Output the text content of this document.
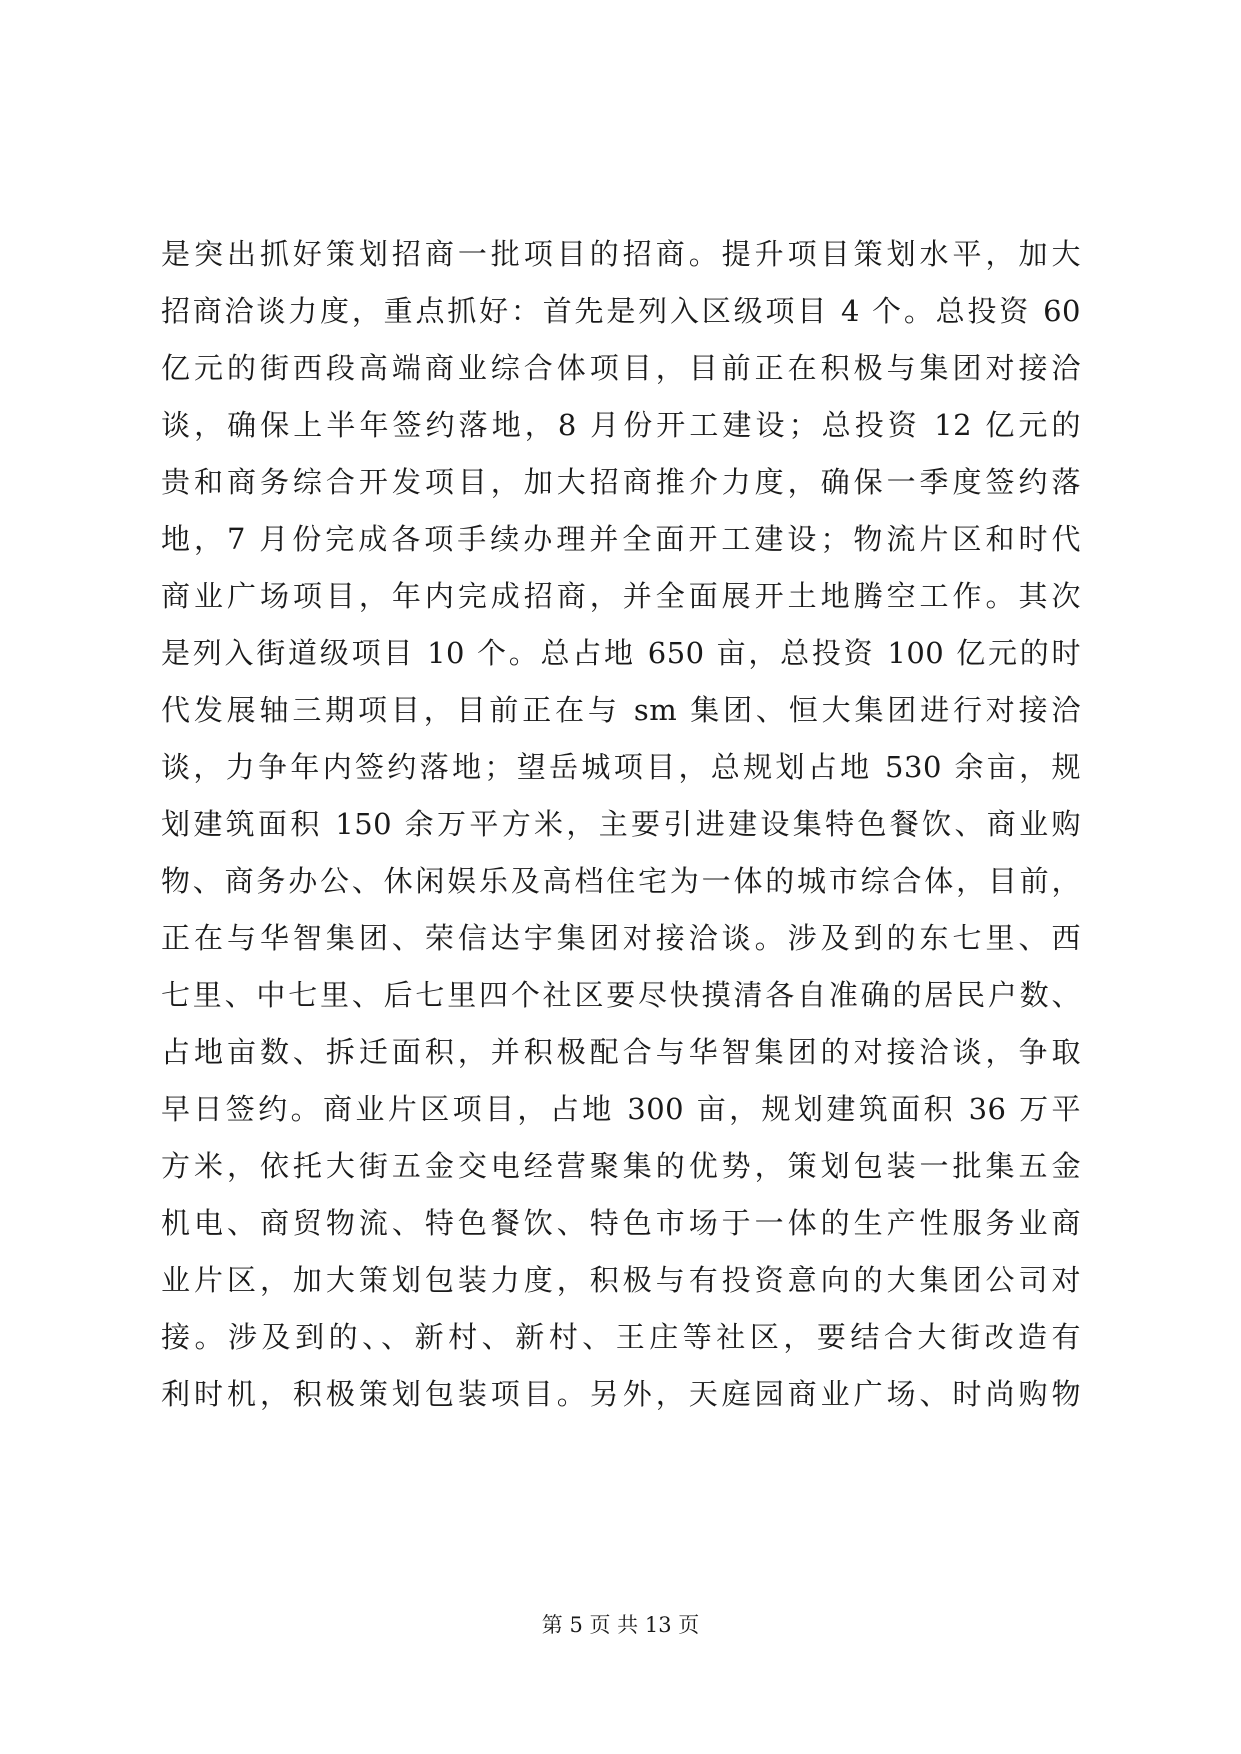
是突出抓好策划招商一批项目的招商。提升项目策划水平，加大
招商洽谈力度，重点抓好：首先是列入区级项目 4 个。总投资 60
亿元的街西段高端商业综合体项目，目前正在积极与集团对接洽
谈，确保上半年签约落地，8 月份开工建设；总投资 12 亿元的
贵和商务综合开发项目，加大招商推介力度，确保一季度签约落
地，7 月份完成各项手续办理并全面开工建设；物流片区和时代
商业广场项目，年内完成招商，并全面展开土地腾空工作。其次
是列入街道级项目 10 个。总占地 650 亩，总投资 100 亿元的时
代发展轴三期项目，目前正在与 sm 集团、恒大集团进行对接洽
谈，力争年内签约落地；望岳城项目，总规划占地 530 余亩，规
划建筑面积 150 余万平方米，主要引进建设集特色餐饮、商业购
物、商务办公、休闲娱乐及高档住宅为一体的城市综合体，目前，
正在与华智集团、荣信达宇集团对接洽谈。涉及到的东七里、西
七里、中七里、后七里四个社区要尽快摸清各自准确的居民户数、
占地亩数、拆迁面积，并积极配合与华智集团的对接洽谈，争取
早日签约。商业片区项目，占地 300 亩，规划建筑面积 36 万平
方米，依托大街五金交电经营聚集的优势，策划包装一批集五金
机电、商贸物流、特色餐饮、特色市场于一体的生产性服务业商
业片区，加大策划包装力度，积极与有投资意向的大集团公司对
接。涉及到的、、新村、新村、王庄等社区，要结合大街改造有
利时机，积极策划包装项目。另外，天庭园商业广场、时尚购物
第 5 页 共 13 页
